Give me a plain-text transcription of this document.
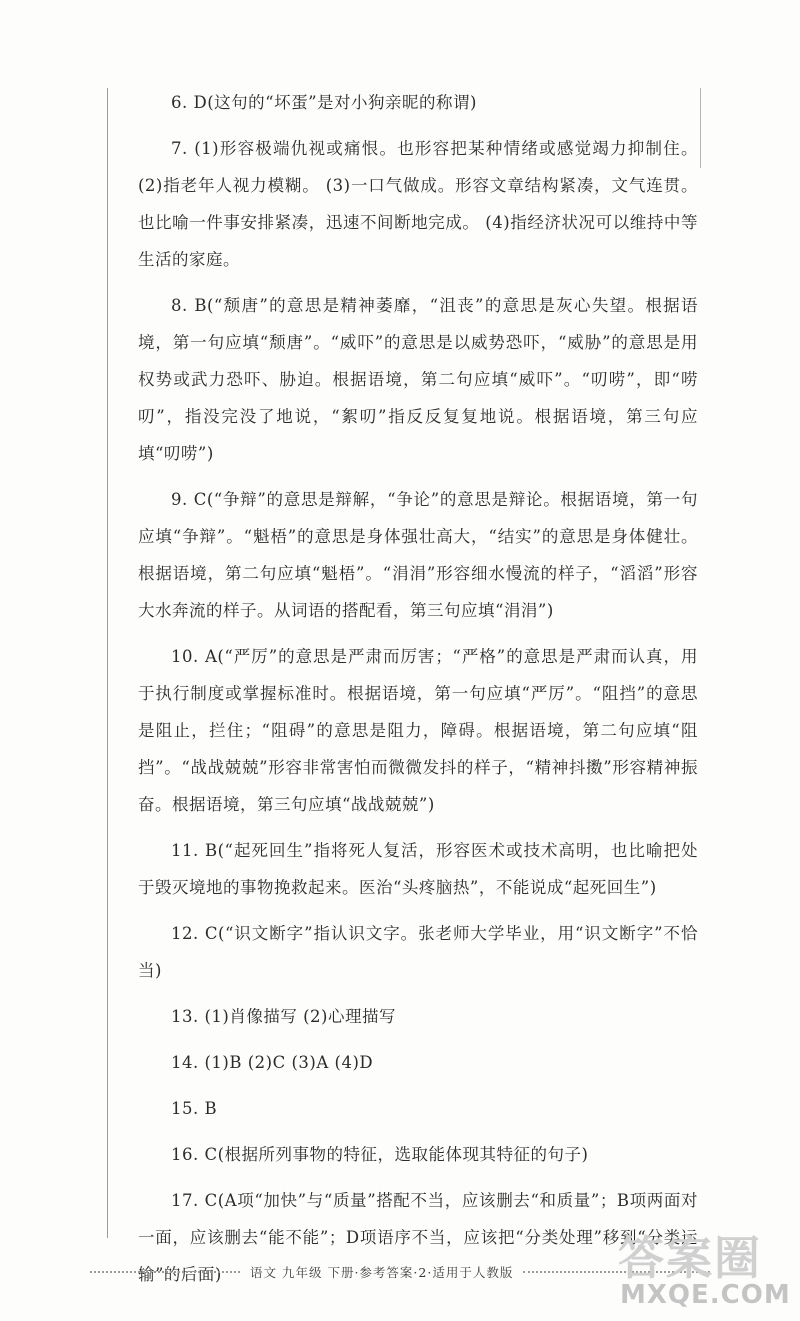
6. D(这句的“坏蛋”是对小狗亲昵的称谓)

7. (1)形容极端仇视或痛恨。也形容把某种情绪或感觉竭力抑制住。(2)指老年人视力模糊。 (3)一口气做成。形容文章结构紧凑，文气连贯。也比喻一件事安排紧凑，迅速不间断地完成。 (4)指经济状况可以维持中等生活的家庭。

8. B(“颓唐”的意思是精神萎靡，“沮丧”的意思是灰心失望。根据语境，第一句应填“颓唐”。“威吓”的意思是以威势恐吓，“威胁”的意思是用权势或武力恐吓、胁迫。根据语境，第二句应填“威吓”。“叨唠”，即“唠叨”，指没完没了地说，“絮叨”指反反复复地说。根据语境，第三句应填“叨唠”)

9. C(“争辩”的意思是辩解，“争论”的意思是辩论。根据语境，第一句应填“争辩”。“魁梧”的意思是身体强壮高大，“结实”的意思是身体健壮。根据语境，第二句应填“魁梧”。“涓涓”形容细水慢流的样子，“滔滔”形容大水奔流的样子。从词语的搭配看，第三句应填“涓涓”)

10. A(“严厉”的意思是严肃而厉害；“严格”的意思是严肃而认真，用于执行制度或掌握标准时。根据语境，第一句应填“严厉”。“阻挡”的意思是阻止，拦住；“阻碍”的意思是阻力，障碍。根据语境，第二句应填“阻挡”。“战战兢兢”形容非常害怕而微微发抖的样子，“精神抖擞”形容精神振奋。根据语境，第三句应填“战战兢兢”)

11. B(“起死回生”指将死人复活，形容医术或技术高明，也比喻把处于毁灭境地的事物挽救起来。医治“头疼脑热”，不能说成“起死回生”)

12. C(“识文断字”指认识文字。张老师大学毕业，用“识文断字”不恰当)

13. (1)肖像描写 (2)心理描写

14. (1)B (2)C (3)A (4)D

15. B

16. C(根据所列事物的特征，选取能体现其特征的句子)

17. C(A项“加快”与“质量”搭配不当，应该删去“和质量”；B项两面对一面，应该删去“能不能”；D项语序不当，应该把“分类处理”移到“分类运输”的后面)	语文 九年级 下册·参考答案·2·适用于人教版 答案圈
MXQE.COM
